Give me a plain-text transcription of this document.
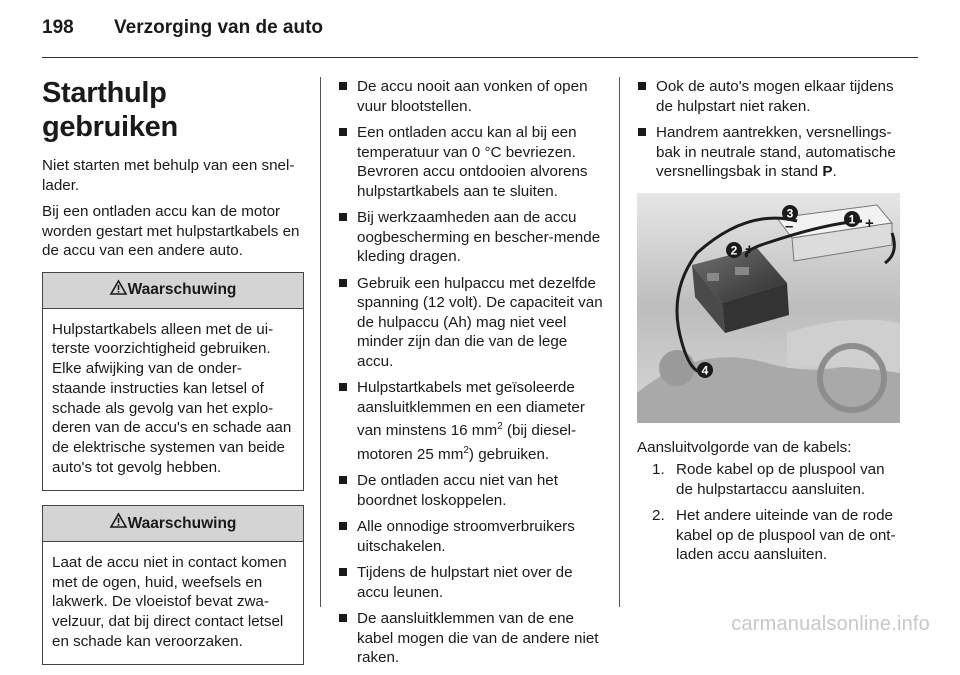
198	Verzorging van de auto
Starthulp gebruiken
Niet starten met behulp van een snel-lader.
Bij een ontladen accu kan de motor worden gestart met hulpstartkabels en de accu van een andere auto.
Waarschuwing
Hulpstartkabels alleen met de ui-terste voorzichtigheid gebruiken. Elke afwijking van de onder-staande instructies kan letsel of schade als gevolg van het explo-deren van de accu's en schade aan de elektrische systemen van beide auto's tot gevolg hebben.
Waarschuwing
Laat de accu niet in contact komen met de ogen, huid, weefsels en lakwerk. De vloeistof bevat zwa-velzuur, dat bij direct contact letsel en schade kan veroorzaken.
De accu nooit aan vonken of open vuur blootstellen.
Een ontladen accu kan al bij een temperatuur van 0 °C bevriezen. Bevroren accu ontdooien alvorens hulpstartkabels aan te sluiten.
Bij werkzaamheden aan de accu oogbescherming en bescher-mende kleding dragen.
Gebruik een hulpaccu met dezelfde spanning (12 volt). De capaciteit van de hulpaccu (Ah) mag niet veel minder zijn dan die van de lege accu.
Hulpstartkabels met geïsoleerde aansluitklemmen en een diameter van minstens 16 $mm^2$ (bij diesel-motoren 25 $mm^2$) gebruiken.
De ontladen accu niet van het boordnet loskoppelen.
Alle onnodige stroomverbruikers uitschakelen.
Tijdens de hulpstart niet over de accu leunen.
De aansluitklemmen van de ene kabel mogen die van de andere niet raken.
Ook de auto's mogen elkaar tijdens de hulpstart niet raken.
Handrem aantrekken, versnellings-bak in neutrale stand, automatische versnellingsbak in stand P.
1
2
3
4
+
+
–
Aansluitvolgorde van de kabels:
1. Rode kabel op de pluspool van de hulpstartaccu aansluiten.
2. Het andere uiteinde van de rode kabel op de pluspool van de ont-laden accu aansluiten.
carmanualsonline.info
